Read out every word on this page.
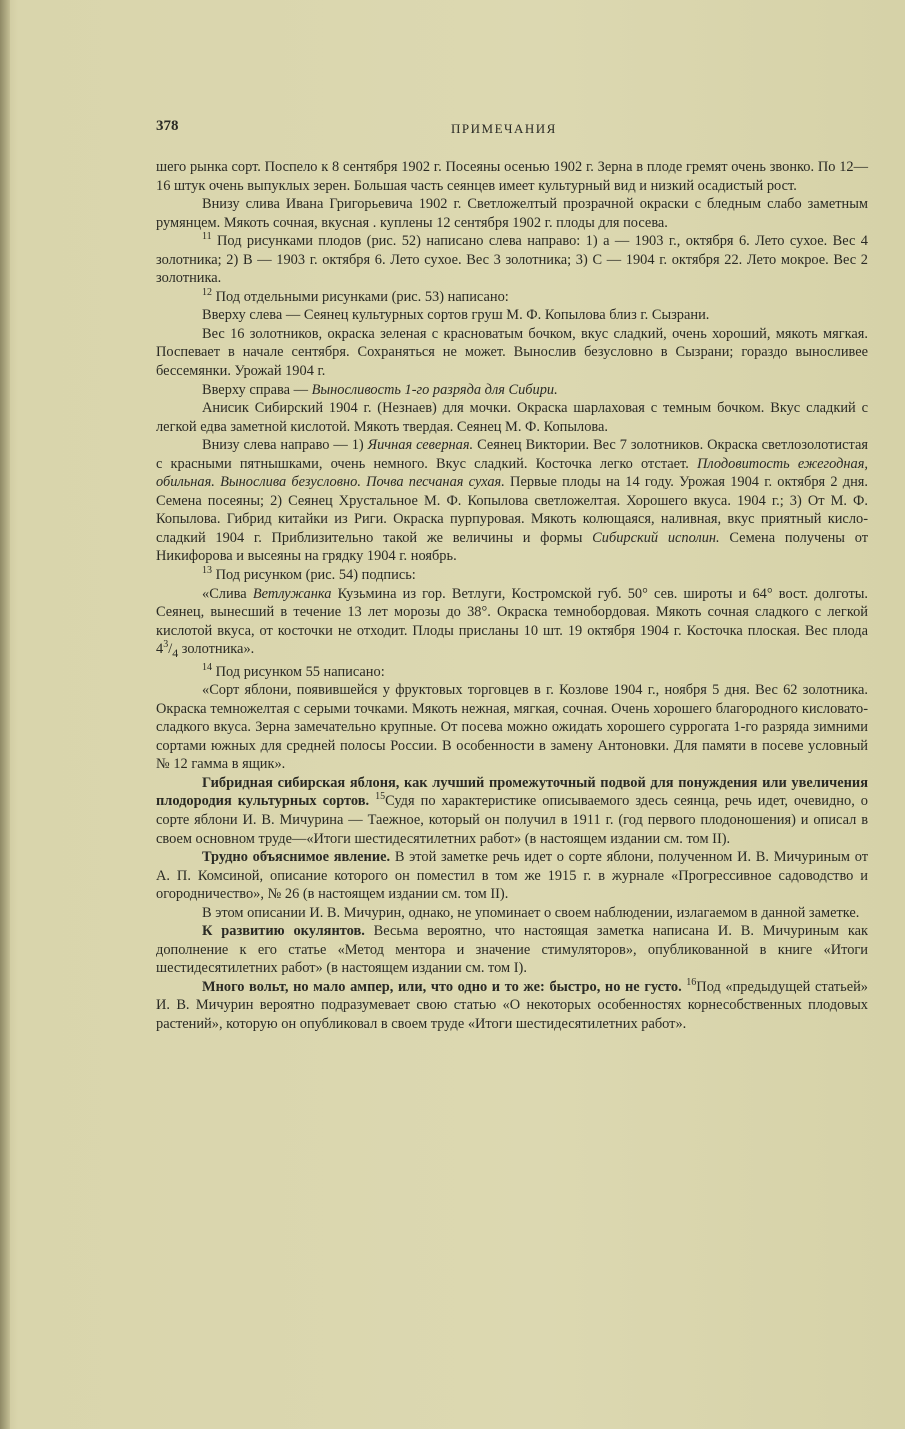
378	ПРИМЕЧАНИЯ

шего рынка сорт. Поспело к 8 сентября 1902 г. Посеяны осенью 1902 г. Зерна в плоде гремят очень звонко. По 12—16 штук очень выпуклых зерен. Большая часть сеянцев имеет культурный вид и низкий осадистый рост.

Внизу слива Ивана Григорьевича 1902 г. Светложелтый прозрачной окраски с бледным слабо заметным румянцем. Мякоть сочная, вкусная . куплены 12 сентября 1902 г. плоды для посева.

$^{11}$ Под рисунками плодов (рис. 52) написано слева направо: 1) а — 1903 г., октября 6. Лето сухое. Вес 4 золотника; 2) В — 1903 г. октября 6. Лето сухое. Вес 3 золотника; 3) С — 1904 г. октября 22. Лето мокрое. Вес 2 золотника.

$^{12}$ Под отдельными рисунками (рис. 53) написано:

Вверху слева — Сеянец культурных сортов груш М. Ф. Копылова близ г. Сызрани.

Вес 16 золотников, окраска зеленая с красноватым бочком, вкус сладкий, очень хороший, мякоть мягкая. Поспевает в начале сентября. Сохраняться не может. Вынослив безусловно в Сызрани; гораздо выносливее бессемянки. Урожай 1904 г.

Вверху справа — Выносливость 1-го разряда для Сибири.

Анисик Сибирский 1904 г. (Незнаев) для мочки. Окраска шарлаховая с темным бочком. Вкус сладкий с легкой едва заметной кислотой. Мякоть твердая. Сеянец М. Ф. Копылова.

Внизу слева направо — 1) Яичная северная. Сеянец Виктории. Вес 7 золотников. Окраска светлозолотистая с красными пятнышками, очень немного. Вкус сладкий. Косточка легко отстает. Плодовитость ежегодная, обильная. Вынослива безусловно. Почва песчаная сухая. Первые плоды на 14 году. Урожая 1904 г. октября 2 дня. Семена посеяны; 2) Сеянец Хрустальное М. Ф. Копылова светложелтая. Хорошего вкуса. 1904 г.; 3) От М. Ф. Копылова. Гибрид китайки из Риги. Окраска пурпуровая. Мякоть колющаяся, наливная, вкус приятный кисло-сладкий 1904 г. Приблизительно такой же величины и формы Сибирский исполин. Семена получены от Никифорова и высеяны на грядку 1904 г. ноябрь.

$^{13}$ Под рисунком (рис. 54) подпись:

«Слива Ветлужанка Кузьмина из гор. Ветлуги, Костромской губ. 50° сев. широты и 64° вост. долготы. Сеянец, вынесший в течение 13 лет морозы до 38°. Окраска темнобордовая. Мякоть сочная сладкого с легкой кислотой вкуса, от косточки не отходит. Плоды присланы 10 шт. 19 октября 1904 г. Косточка плоская. Вес плода $4^3/_4$ золотника».

$^{14}$ Под рисунком 55 написано:

«Сорт яблони, появившейся у фруктовых торговцев в г. Козлове 1904 г., ноября 5 дня. Вес 62 золотника. Окраска темножелтая с серыми точками. Мякоть нежная, мягкая, сочная. Очень хорошего благородного кисловато-сладкого вкуса. Зерна замечательно крупные. От посева можно ожидать хорошего суррогата 1-го разряда зимними сортами южных для средней полосы России. В особенности в замену Антоновки. Для памяти в посеве условный № 12 гамма в ящик».

Гибридная сибирская яблоня, как лучший промежуточный подвой для понуждения или увеличения плодородия культурных сортов. $^{15}$Судя по характеристике описываемого здесь сеянца, речь идет, очевидно, о сорте яблони И. В. Мичурина — Таежное, который он получил в 1911 г. (год первого плодоношения) и описал в своем основном труде—«Итоги шестидесятилетних работ» (в настоящем издании см. том II).

Трудно объяснимое явление. В этой заметке речь идет о сорте яблони, полученном И. В. Мичуриным от А. П. Комсиной, описание которого он поместил в том же 1915 г. в журнале «Прогрессивное садоводство и огородничество», № 26 (в настоящем издании см. том II).

В этом описании И. В. Мичурин, однако, не упоминает о своем наблюдении, излагаемом в данной заметке.

К развитию окулянтов. Весьма вероятно, что настоящая заметка написана И. В. Мичуриным как дополнение к его статье «Метод ментора и значение стимуляторов», опубликованной в книге «Итоги шестидесятилетних работ» (в настоящем издании см. том I).

Много вольт, но мало ампер, или, что одно и то же: быстро, но не густо. $^{16}$Под «предыдущей статьей» И. В. Мичурин вероятно подразумевает свою статью «О некоторых особенностях корнесобственных плодовых растений», которую он опубликовал в своем труде «Итоги шестидесятилетних работ».
